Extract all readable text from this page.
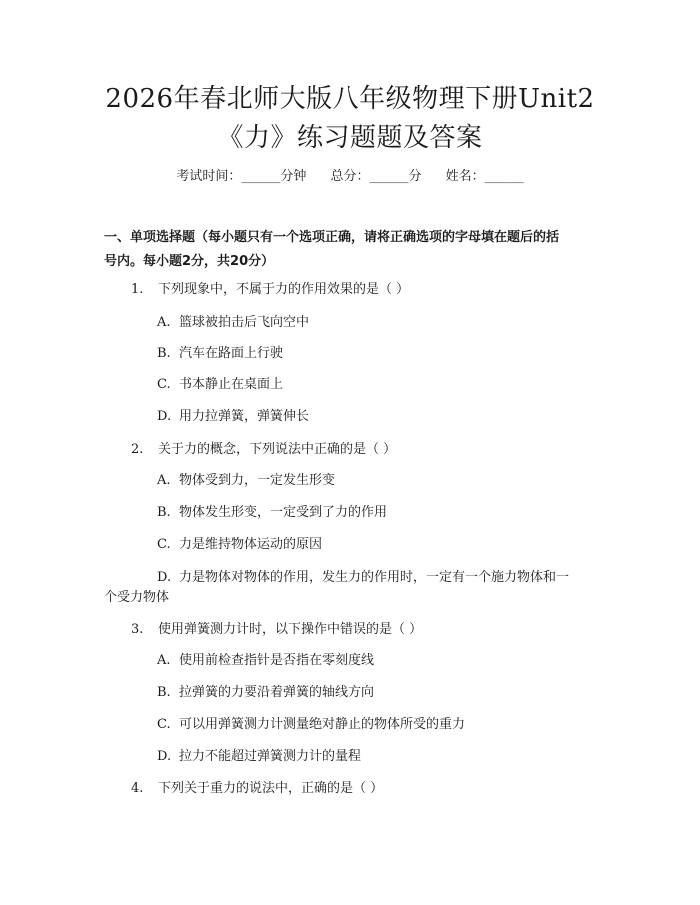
2026年春北师大版八年级物理下册Unit2
《力》练习题题及答案
考试时间：______分钟 总分：______分 姓名：______
一、单项选择题（每小题只有一个选项正确，请将正确选项的字母填在题后的括
号内。每小题2分，共20分）
1. 下列现象中，不属于力的作用效果的是（ ）
A. 篮球被拍击后飞向空中
B. 汽车在路面上行驶
C. 书本静止在桌面上
D. 用力拉弹簧，弹簧伸长
2. 关于力的概念，下列说法中正确的是（ ）
A. 物体受到力，一定发生形变
B. 物体发生形变，一定受到了力的作用
C. 力是维持物体运动的原因
D. 力是物体对物体的作用，发生力的作用时，一定有一个施力物体和一
个受力物体
3. 使用弹簧测力计时，以下操作中错误的是（ ）
A. 使用前检查指针是否指在零刻度线
B. 拉弹簧的力要沿着弹簧的轴线方向
C. 可以用弹簧测力计测量绝对静止的物体所受的重力
D. 拉力不能超过弹簧测力计的量程
4. 下列关于重力的说法中，正确的是（ ）
